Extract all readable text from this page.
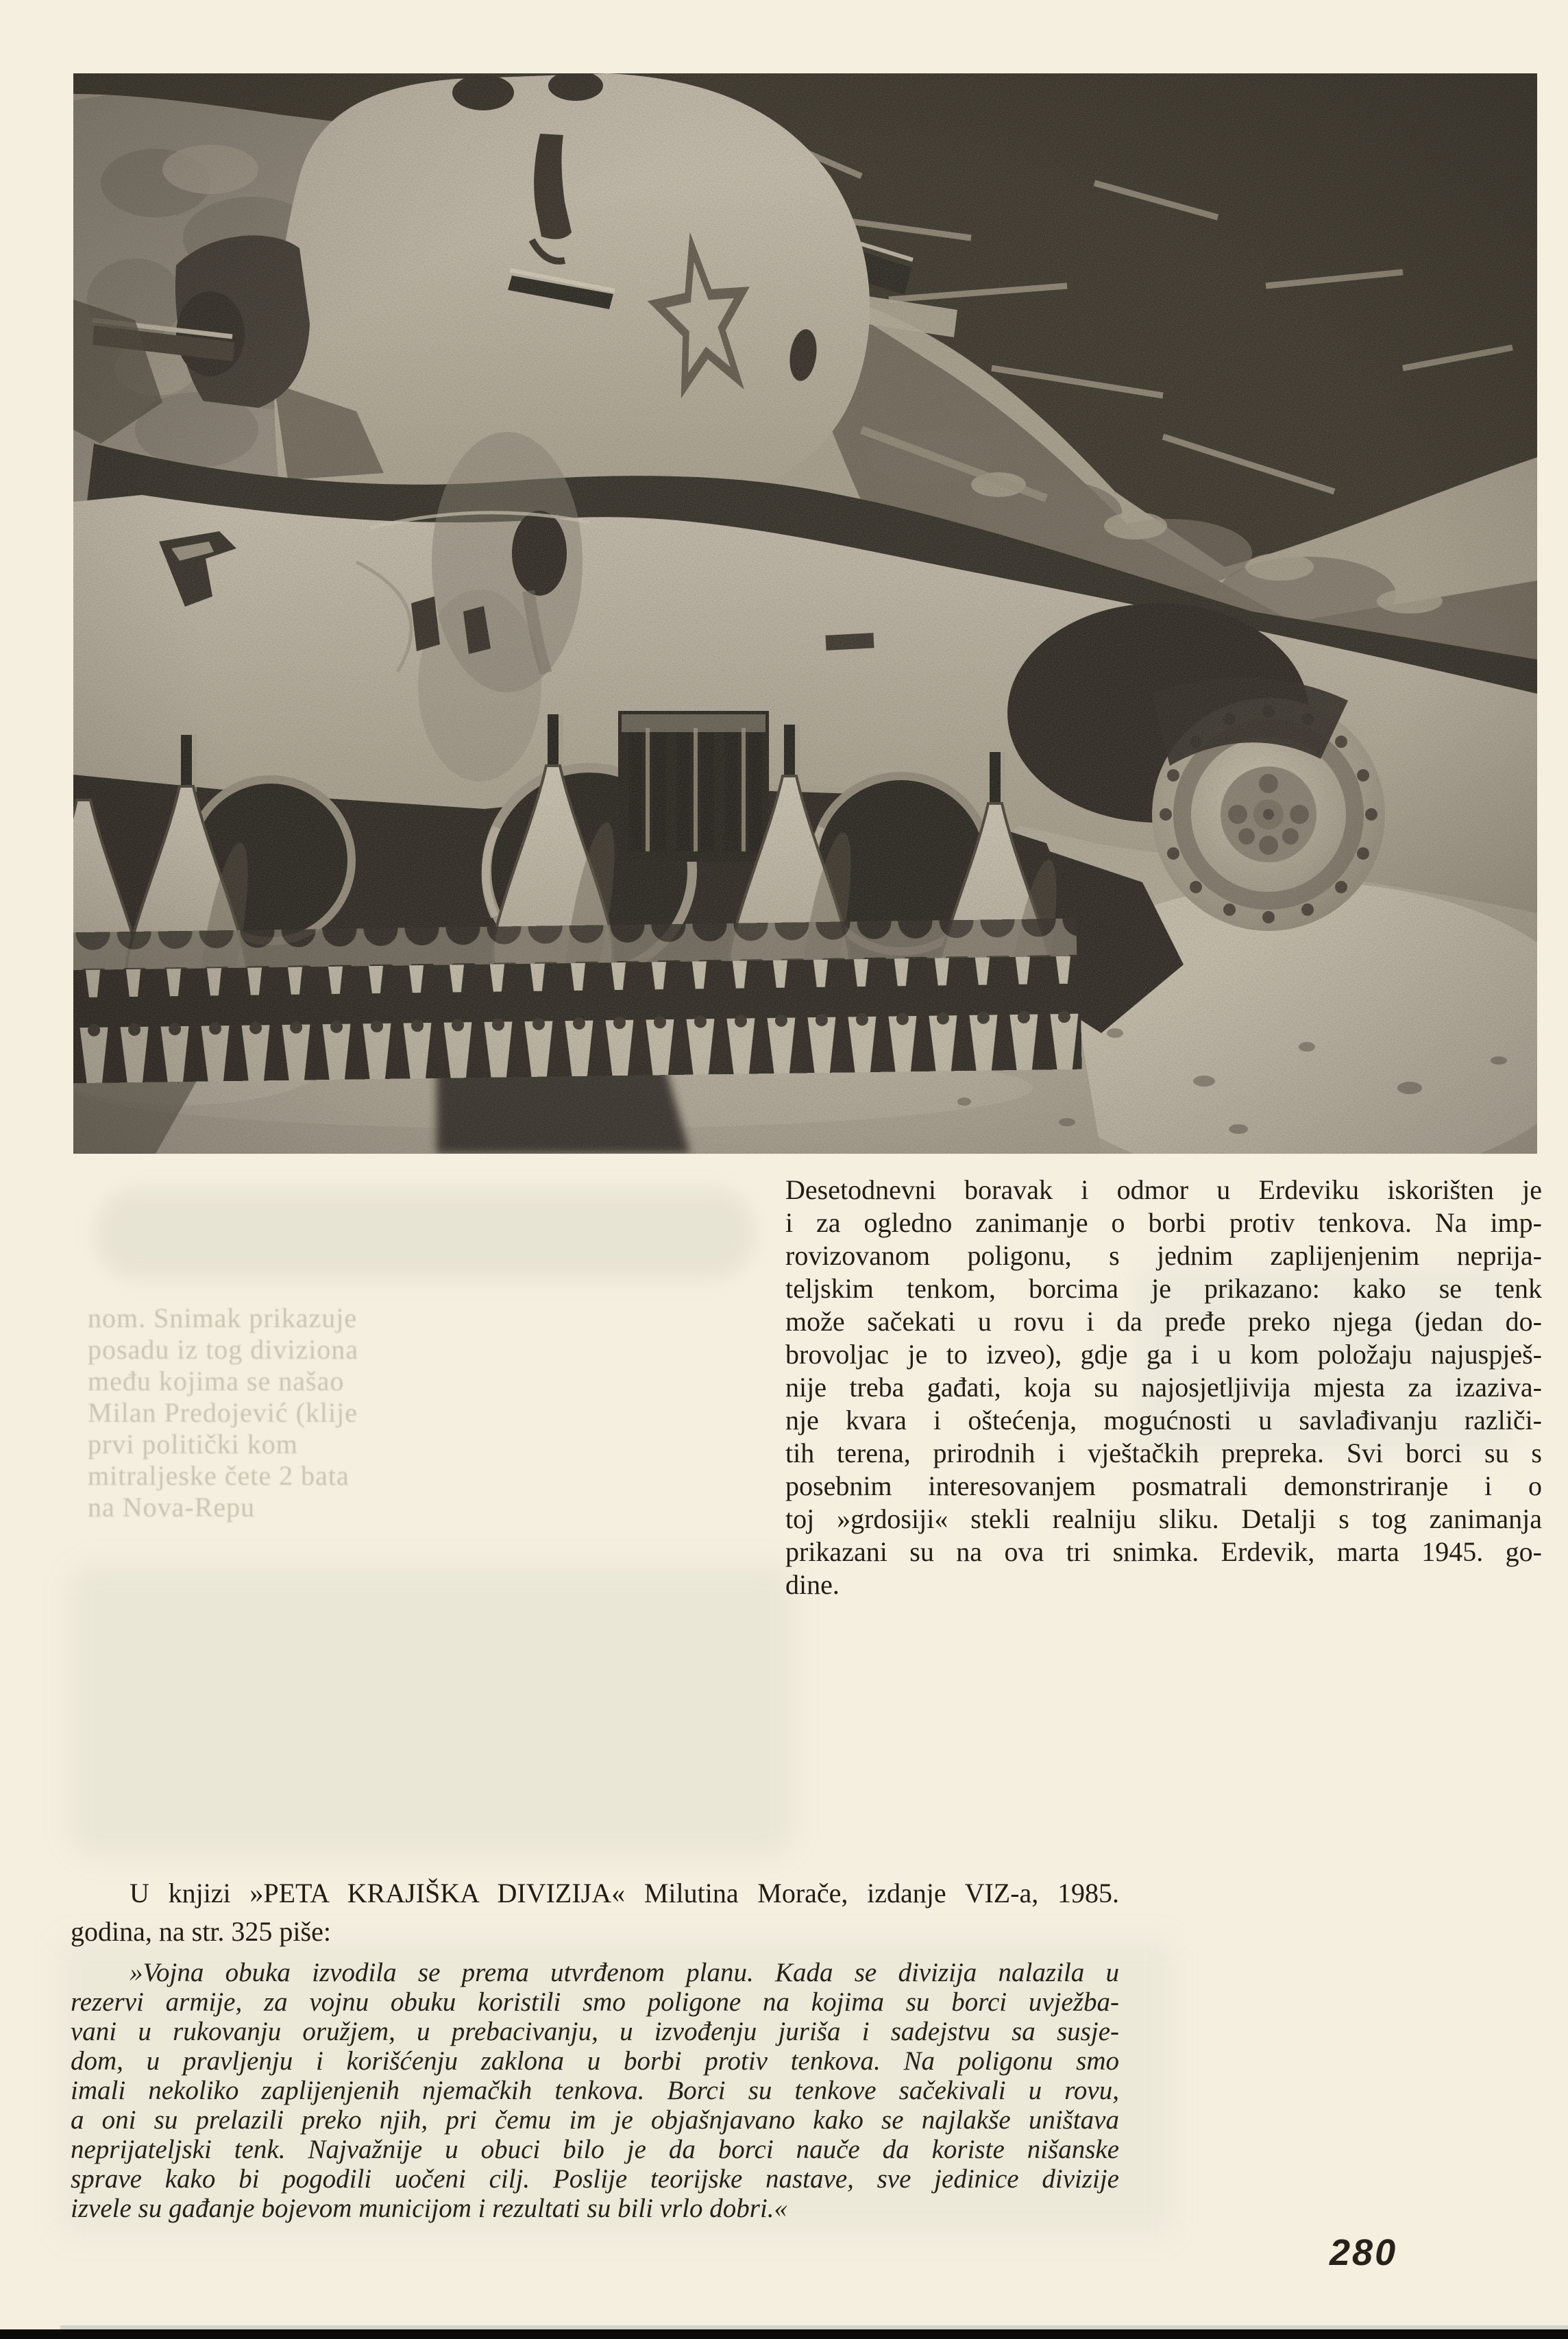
nom. Snimak prikazuje
posadu iz tog diviziona
među kojima se našao
Milan Predojević (klije
prvi politički kom
mitraljeske čete 2 bata
na Nova-Repu
Desetodnevni boravak i odmor u Erdeviku iskorišten je
i za ogledno zanimanje o borbi protiv tenkova. Na imp-
rovizovanom poligonu, s jednim zaplijenjenim neprija-
teljskim tenkom, borcima je prikazano: kako se tenk
može sačekati u rovu i da pređe preko njega (jedan do-
brovoljac je to izveo), gdje ga i u kom položaju najuspješ-
nije treba gađati, koja su najosjetljivija mjesta za izaziva-
nje kvara i oštećenja, mogućnosti u savlađivanju različi-
tih terena, prirodnih i vještačkih prepreka. Svi borci su s
posebnim interesovanjem posmatrali demonstriranje i o
toj »grdosiji« stekli realniju sliku. Detalji s tog zanimanja
prikazani su na ova tri snimka. Erdevik, marta 1945. go-
dine.
U knjizi »PETA KRAJIŠKA DIVIZIJA« Milutina Morače, izdanje VIZ-a, 1985.
godina, na str. 325 piše:
»Vojna obuka izvodila se prema utvrđenom planu. Kada se divizija nalazila u
rezervi armije, za vojnu obuku koristili smo poligone na kojima su borci uvježba-
vani u rukovanju oružjem, u prebacivanju, u izvođenju juriša i sadejstvu sa susje-
dom, u pravljenju i korišćenju zaklona u borbi protiv tenkova. Na poligonu smo
imali nekoliko zaplijenjenih njemačkih tenkova. Borci su tenkove sačekivali u rovu,
a oni su prelazili preko njih, pri čemu im je objašnjavano kako se najlakše uništava
neprijateljski tenk. Najvažnije u obuci bilo je da borci nauče da koriste nišanske
sprave kako bi pogodili uočeni cilj. Poslije teorijske nastave, sve jedinice divizije
izvele su gađanje bojevom municijom i rezultati su bili vrlo dobri.«
280
